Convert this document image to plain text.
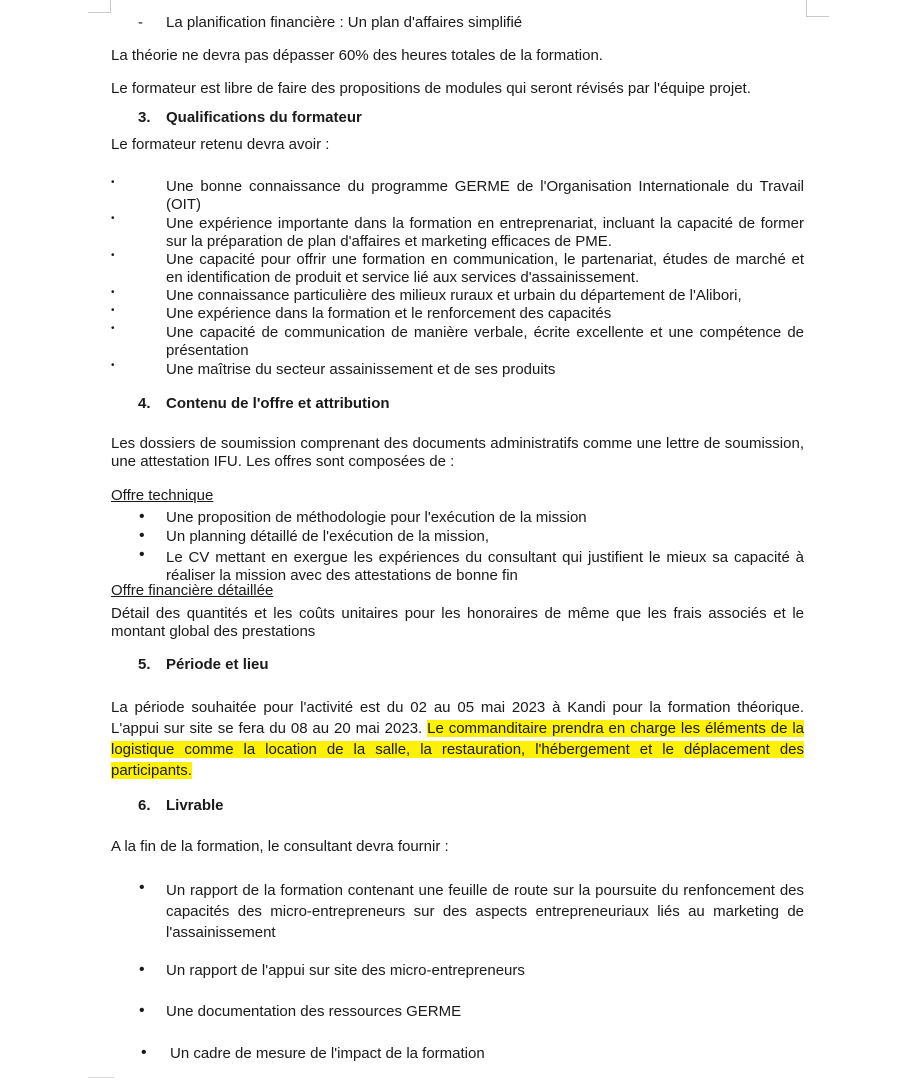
- La planification financière : Un plan d'affaires simplifié

La théorie ne devra pas dépasser 60% des heures totales de la formation.

Le formateur est libre de faire des propositions de modules qui seront révisés par l'équipe projet.

3. Qualifications du formateur
Le formateur retenu devra avoir :
•	Une bonne connaissance du programme GERME de l'Organisation Internationale du Travail (OIT)
•	Une expérience importante dans la formation en entreprenariat, incluant la capacité de former sur la préparation de plan d'affaires et marketing efficaces de PME.
•	Une capacité pour offrir une formation en communication, le partenariat, études de marché et en identification de produit et service lié aux services d'assainissement.
•	Une connaissance particulière des milieux ruraux et urbain du département de l'Alibori,
•	Une expérience dans la formation et le renforcement des capacités
•	Une capacité de communication de manière verbale, écrite excellente et une compétence de présentation
•	Une maîtrise du secteur assainissement et de ses produits
4. Contenu de l'offre et attribution
Les dossiers de soumission comprenant des documents administratifs comme une lettre de soumission, une attestation IFU. Les offres sont composées de :
Offre technique
• Une proposition de méthodologie pour l'exécution de la mission
• Un planning détaillé de l'exécution de la mission,
• Le CV mettant en exergue les expériences du consultant qui justifient le mieux sa capacité à réaliser la mission avec des attestations de bonne fin
Offre financière détaillée
Détail des quantités et les coûts unitaires pour les honoraires de même que les frais associés et le montant global des prestations
5. Période et lieu
La période souhaitée pour l'activité est du 02 au 05 mai 2023 à Kandi pour la formation théorique. L'appui sur site se fera du 08 au 20 mai 2023. Le commanditaire prendra en charge les éléments de la logistique comme la location de la salle, la restauration, l'hébergement et le déplacement des participants.
6. Livrable
A la fin de la formation, le consultant devra fournir :
• Un rapport de la formation contenant une feuille de route sur la poursuite du renfoncement des capacités des micro-entrepreneurs sur des aspects entrepreneuriaux liés au marketing de l'assainissement
• Un rapport de l'appui sur site des micro-entrepreneurs
• Une documentation des ressources GERME
• Un cadre de mesure de l'impact de la formation
